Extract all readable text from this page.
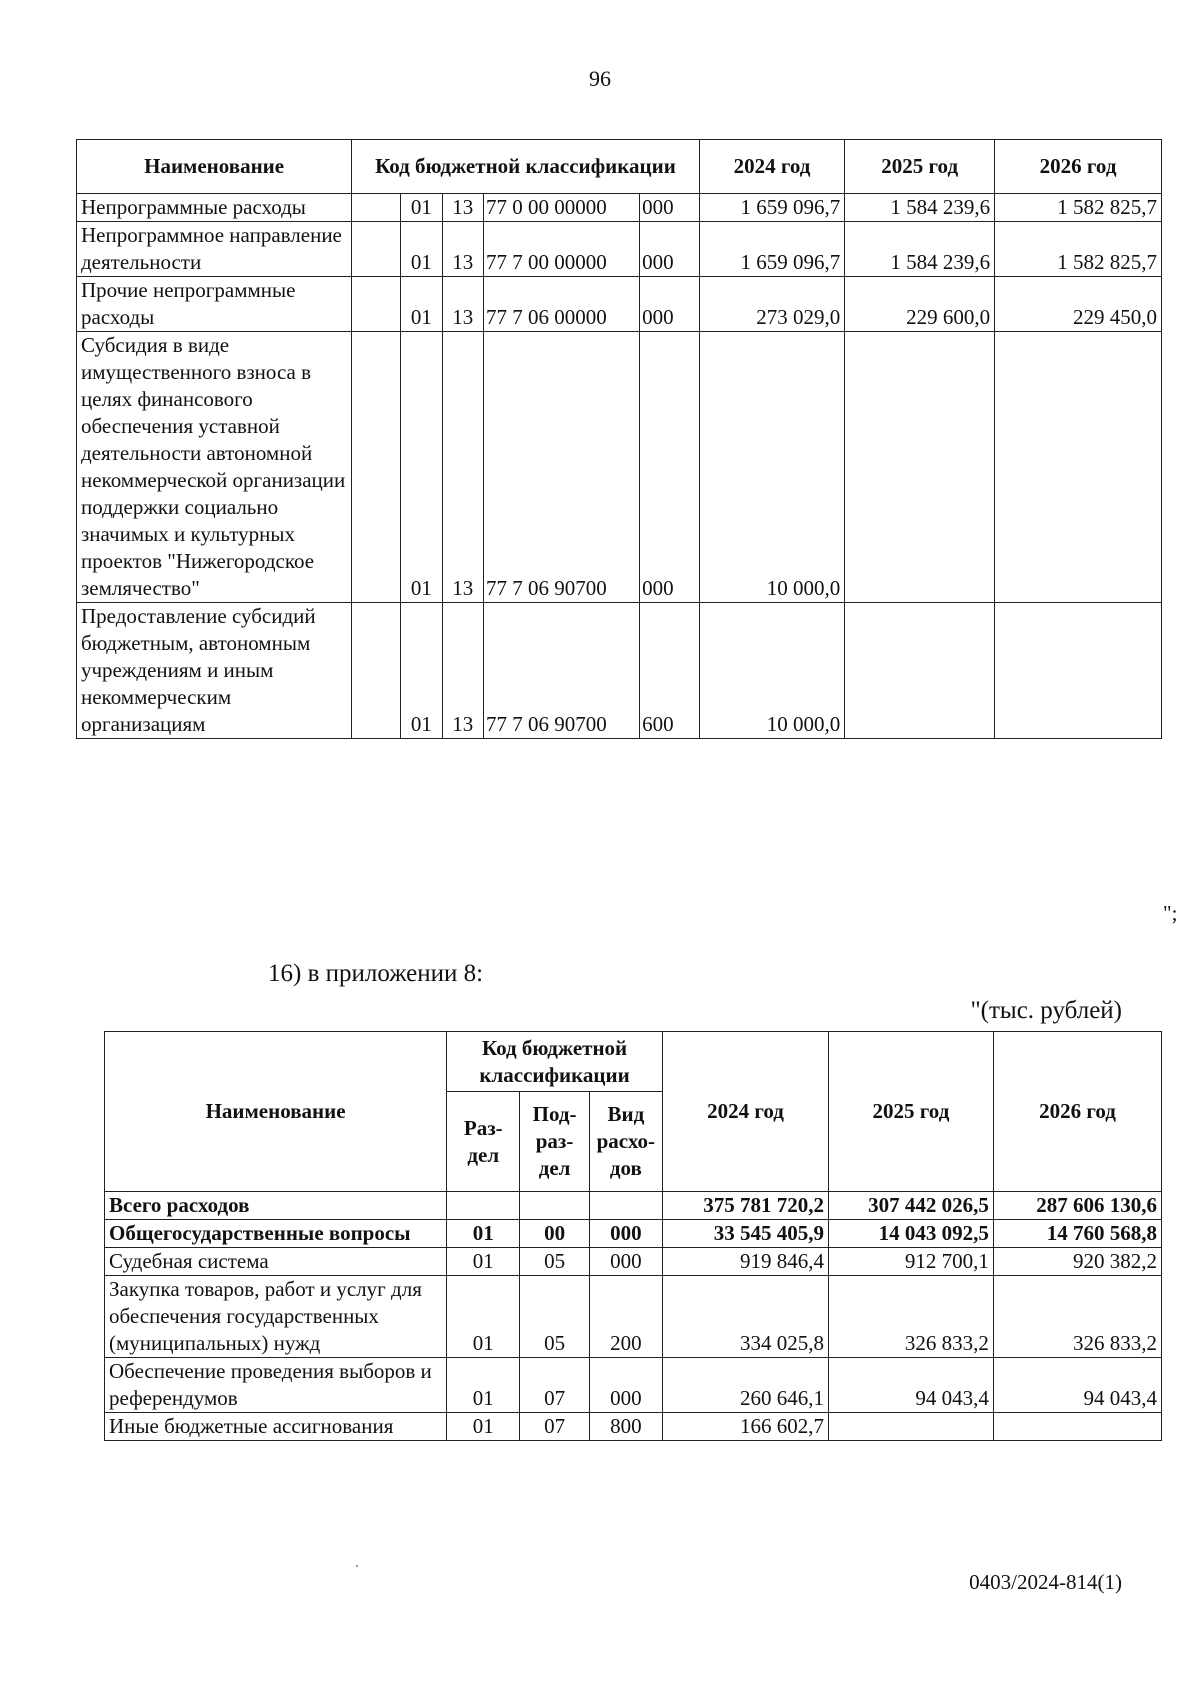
96
Наименование	Код бюджетной классификации					2024 год	2025 год	2026 год
Непрограммные расходы		01	13	77 0 00 00000	000	1 659 096,7	1 584 239,6	1 582 825,7
Непрограммное направление деятельности		01	13	77 7 00 00000	000	1 659 096,7	1 584 239,6	1 582 825,7
Прочие непрограммные расходы		01	13	77 7 06 00000	000	273 029,0	229 600,0	229 450,0
Субсидия в виде имущественного взноса в целях финансового обеспечения уставной деятельности автономной некоммерческой организации поддержки социально значимых и культурных проектов "Нижегородское землячество"		01	13	77 7 06 90700	000	10 000,0		
Предоставление субсидий бюджетным, автономным учреждениям и иным некоммерческим организациям		01	13	77 7 06 90700	600	10 000,0		
";
16) в приложении 8:
"(тыс. рублей)
Наименование	Код бюджетной классификации			2024 год	2025 год	2026 год
	Раз-дел	Под-раз-дел	Вид расхо-дов			
Всего расходов				375 781 720,2	307 442 026,5	287 606 130,6
Общегосударственные вопросы	01	00	000	33 545 405,9	14 043 092,5	14 760 568,8
Судебная система	01	05	000	919 846,4	912 700,1	920 382,2
Закупка товаров, работ и услуг для обеспечения государственных (муниципальных) нужд	01	05	200	334 025,8	326 833,2	326 833,2
Обеспечение проведения выборов и референдумов	01	07	000	260 646,1	94 043,4	94 043,4
Иные бюджетные ассигнования	01	07	800	166 602,7		
0403/2024-814(1)
